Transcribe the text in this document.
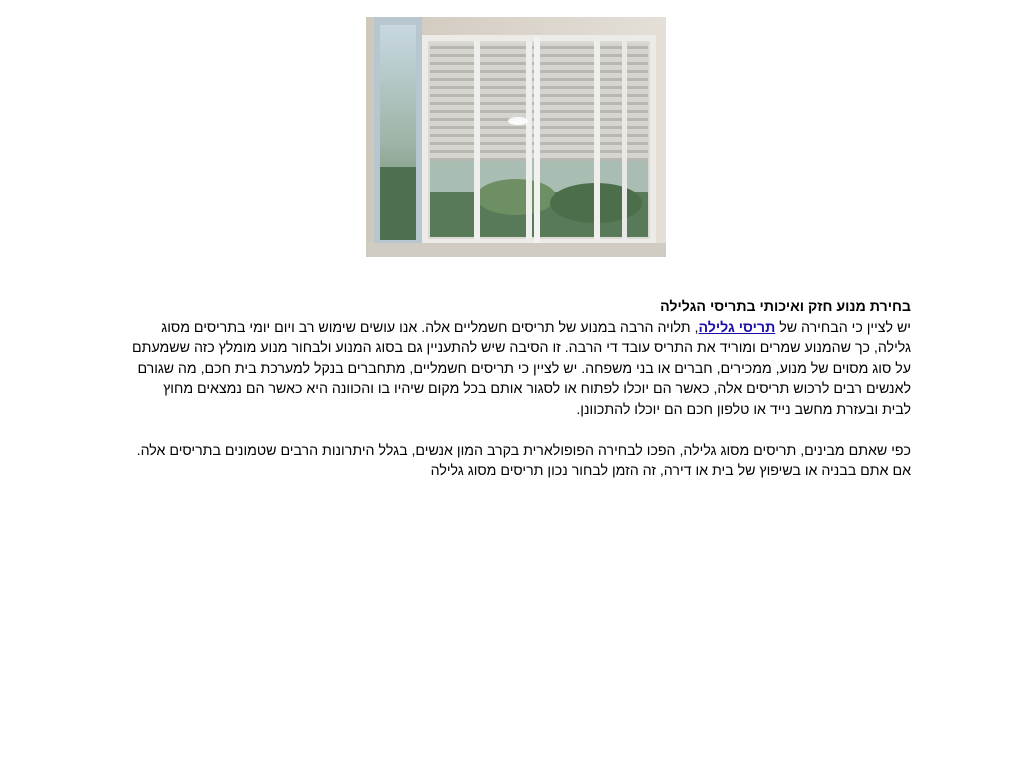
בחירת מנוע חזק ואיכותי בתריסי הגלילה

יש לציין כי הבחירה של תריסי גלילה, תלויה הרבה במנוע של תריסים חשמליים אלה. אנו עושים שימוש רב ויום יומי בתריסים מסוג גלילה, כך שהמנוע שמרים ומוריד את התריס עובד די הרבה. זו הסיבה שיש להתעניין גם בסוג המנוע ולבחור מנוע מומלץ כזה ששמעתם על סוג מסוים של מנוע, ממכירים, חברים או בני משפחה. יש לציין כי תריסים חשמליים, מתחברים בנקל למערכת בית חכם, מה שגורם לאנשים רבים לרכוש תריסים אלה, כאשר הם יוכלו לפתוח או לסגור אותם בכל מקום שיהיו בו והכוונה היא כאשר הם נמצאים מחוץ לבית ובעזרת מחשב נייד או טלפון חכם הם יוכלו להתכוונן.

כפי שאתם מבינים, תריסים מסוג גלילה, הפכו לבחירה הפופולארית בקרב המון אנשים, בגלל היתרונות הרבים שטמונים בתריסים אלה. אם אתם בבניה או בשיפוץ של בית או דירה, זה הזמן לבחור נכון תריסים מסוג גלילה
